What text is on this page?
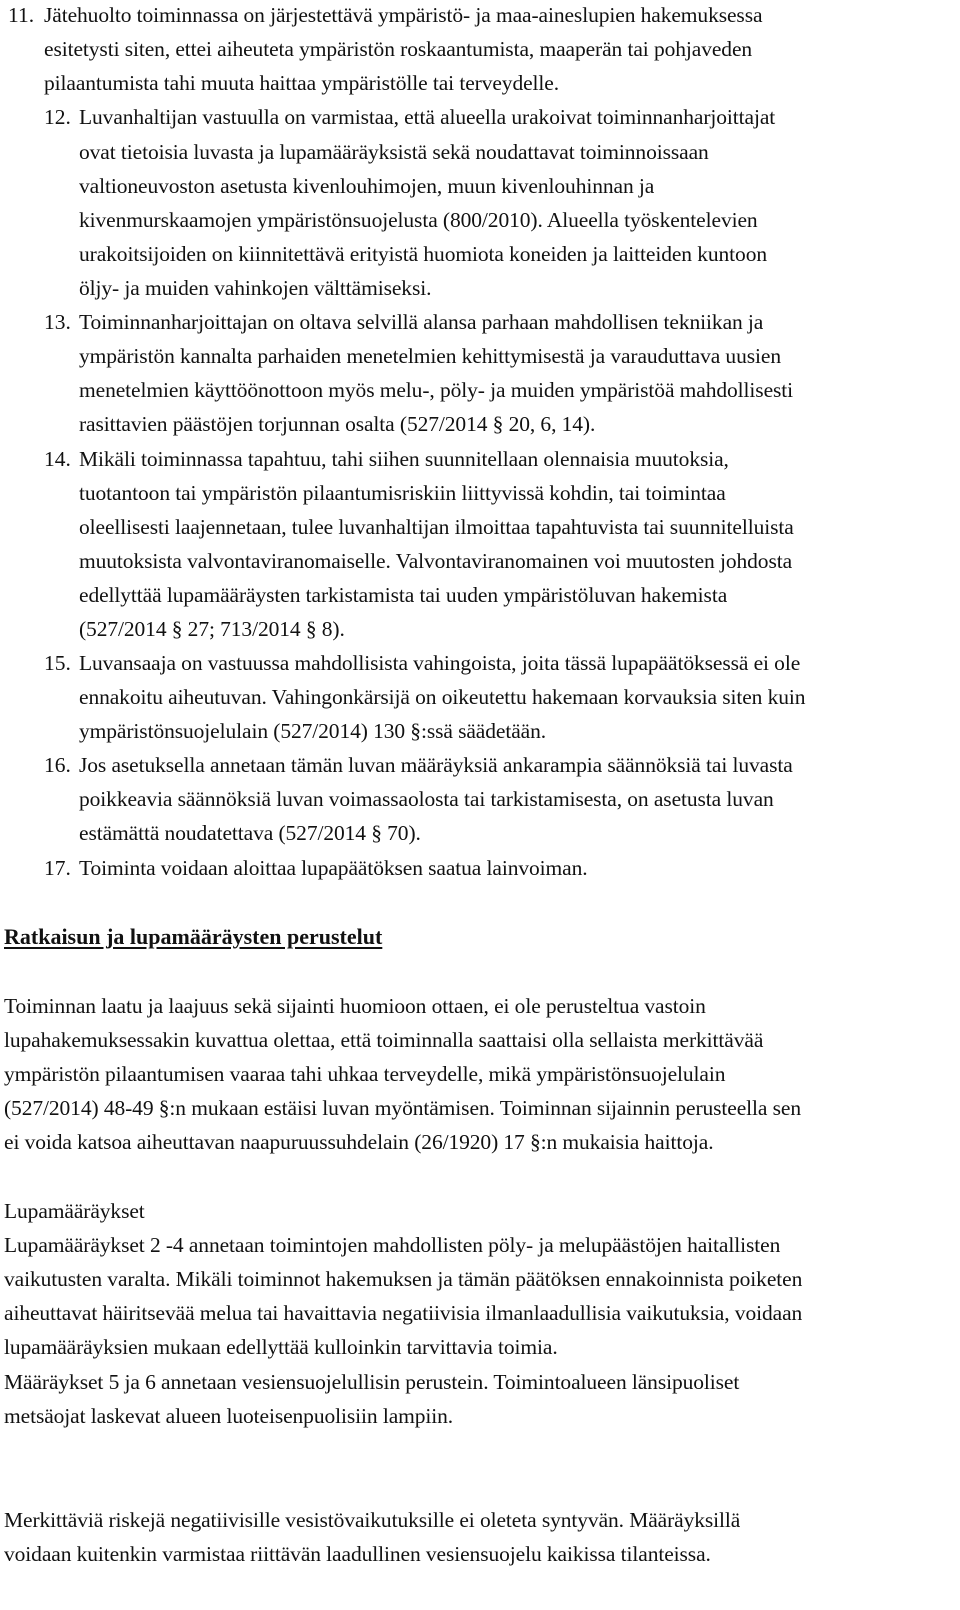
11. Jätehuolto toiminnassa on järjestettävä ympäristö- ja maa-aineslupien hakemuksessa
esitetysti siten, ettei aiheuteta ympäristön roskaantumista, maaperän tai pohjaveden
pilaantumista tahi muuta haittaa ympäristölle tai terveydelle.
12. Luvanhaltijan vastuulla on varmistaa, että alueella urakoivat toiminnanharjoittajat
ovat tietoisia luvasta ja lupamääräyksistä sekä noudattavat toiminnoissaan
valtioneuvoston asetusta kivenlouhimojen, muun kivenlouhinnan ja
kivenmurskaamojen ympäristönsuojelusta (800/2010). Alueella työskentelevien
urakoitsijoiden on kiinnitettävä erityistä huomiota koneiden ja laitteiden kuntoon
öljy- ja muiden vahinkojen välttämiseksi.
13. Toiminnanharjoittajan on oltava selvillä alansa parhaan mahdollisen tekniikan ja
ympäristön kannalta parhaiden menetelmien kehittymisestä ja varauduttava uusien
menetelmien käyttöönottoon myös melu-, pöly- ja muiden ympäristöä mahdollisesti
rasittavien päästöjen torjunnan osalta (527/2014 § 20, 6, 14).
14. Mikäli toiminnassa tapahtuu, tahi siihen suunnitellaan olennaisia muutoksia,
tuotantoon tai ympäristön pilaantumisriskiin liittyvissä kohdin, tai toimintaa
oleellisesti laajennetaan, tulee luvanhaltijan ilmoittaa tapahtuvista tai suunnitelluista
muutoksista valvontaviranomaiselle. Valvontaviranomainen voi muutosten johdosta
edellyttää lupamääräysten tarkistamista tai uuden ympäristöluvan hakemista
(527/2014 § 27; 713/2014 § 8).
15. Luvansaaja on vastuussa mahdollisista vahingoista, joita tässä lupapäätöksessä ei ole
ennakoitu aiheutuvan. Vahingonkärsijä on oikeutettu hakemaan korvauksia siten kuin
ympäristönsuojelulain (527/2014) 130 §:ssä säädetään.
16. Jos asetuksella annetaan tämän luvan määräyksiä ankarampia säännöksiä tai luvasta
poikkeavia säännöksiä luvan voimassaolosta tai tarkistamisesta, on asetusta luvan
estämättä noudatettava (527/2014 § 70).
17. Toiminta voidaan aloittaa lupapäätöksen saatua lainvoiman.
Ratkaisun ja lupamääräysten perustelut
Toiminnan laatu ja laajuus sekä sijainti huomioon ottaen, ei ole perusteltua vastoin
lupahakemuksessakin kuvattua olettaa, että toiminnalla saattaisi olla sellaista merkittävää
ympäristön pilaantumisen vaaraa tahi uhkaa terveydelle, mikä ympäristönsuojelulain
(527/2014) 48-49 §:n mukaan estäisi luvan myöntämisen. Toiminnan sijainnin perusteella sen
ei voida katsoa aiheuttavan naapuruussuhdelain (26/1920) 17 §:n mukaisia haittoja.
Lupamääräykset
Lupamääräykset 2 -4 annetaan toimintojen mahdollisten pöly- ja melupäästöjen haitallisten
vaikutusten varalta. Mikäli toiminnot hakemuksen ja tämän päätöksen ennakoinnista poiketen
aiheuttavat häiritsevää melua tai havaittavia negatiivisia ilmanlaadullisia vaikutuksia, voidaan
lupamääräyksien mukaan edellyttää kulloinkin tarvittavia toimia.
Määräykset 5 ja 6 annetaan vesiensuojelullisin perustein. Toimintoalueen länsipuoliset
metsäojat laskevat alueen luoteisenpuolisiin lampiin.
Merkittäviä riskejä negatiivisille vesistövaikutuksille ei oleteta syntyvän. Määräyksillä
voidaan kuitenkin varmistaa riittävän laadullinen vesiensuojelu kaikissa tilanteissa.
